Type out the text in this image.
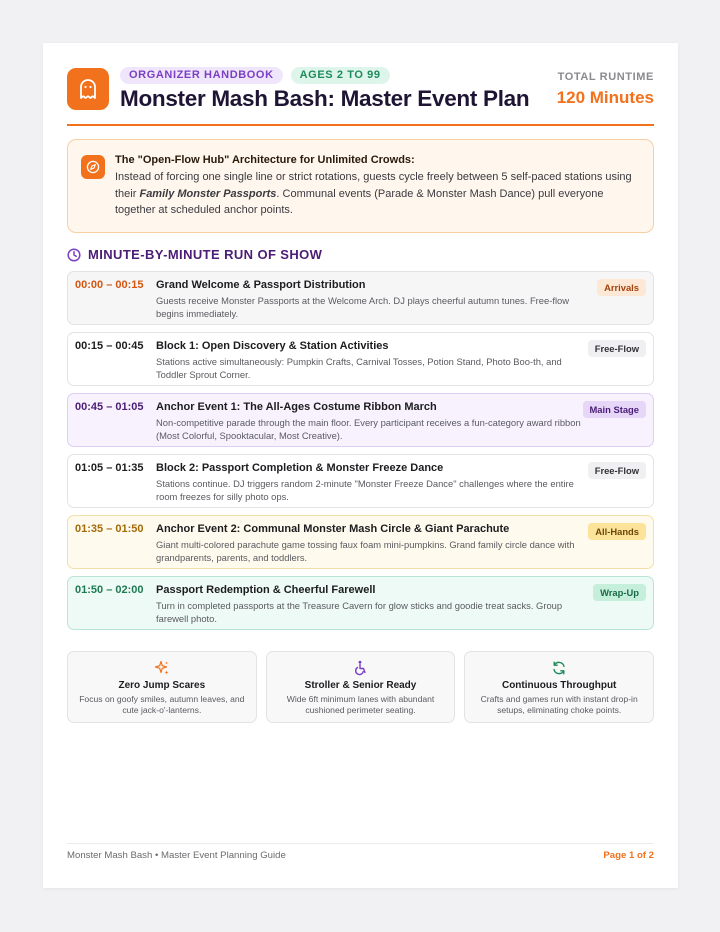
ORGANIZER HANDBOOK	AGES 2 TO 99
Monster Mash Bash: Master Event Plan
TOTAL RUNTIME
120 Minutes
The "Open-Flow Hub" Architecture for Unlimited Crowds:
Instead of forcing one single line or strict rotations, guests cycle freely between 5 self-paced stations using their Family Monster Passports. Communal events (Parade & Monster Mash Dance) pull everyone together at scheduled anchor points.
MINUTE-BY-MINUTE RUN OF SHOW
00:00 – 00:15	Grand Welcome & Passport Distribution
Guests receive Monster Passports at the Welcome Arch. DJ plays cheerful autumn tunes. Free-flow begins immediately.
Arrivals
00:15 – 00:45	Block 1: Open Discovery & Station Activities
Stations active simultaneously: Pumpkin Crafts, Carnival Tosses, Potion Stand, Photo Boo-th, and Toddler Sprout Corner.
Free-Flow
00:45 – 01:05	Anchor Event 1: The All-Ages Costume Ribbon March
Non-competitive parade through the main floor. Every participant receives a fun-category award ribbon (Most Colorful, Spooktacular, Most Creative).
Main Stage
01:05 – 01:35	Block 2: Passport Completion & Monster Freeze Dance
Stations continue. DJ triggers random 2-minute "Monster Freeze Dance" challenges where the entire room freezes for silly photo ops.
Free-Flow
01:35 – 01:50	Anchor Event 2: Communal Monster Mash Circle & Giant Parachute
Giant multi-colored parachute game tossing faux foam mini-pumpkins. Grand family circle dance with grandparents, parents, and toddlers.
All-Hands
01:50 – 02:00	Passport Redemption & Cheerful Farewell
Turn in completed passports at the Treasure Cavern for glow sticks and goodie treat sacks. Group farewell photo.
Wrap-Up
Zero Jump Scares
Focus on goofy smiles, autumn leaves, and cute jack-o'-lanterns.
Stroller & Senior Ready
Wide 6ft minimum lanes with abundant cushioned perimeter seating.
Continuous Throughput
Crafts and games run with instant drop-in setups, eliminating choke points.
Monster Mash Bash • Master Event Planning Guide	Page 1 of 2
